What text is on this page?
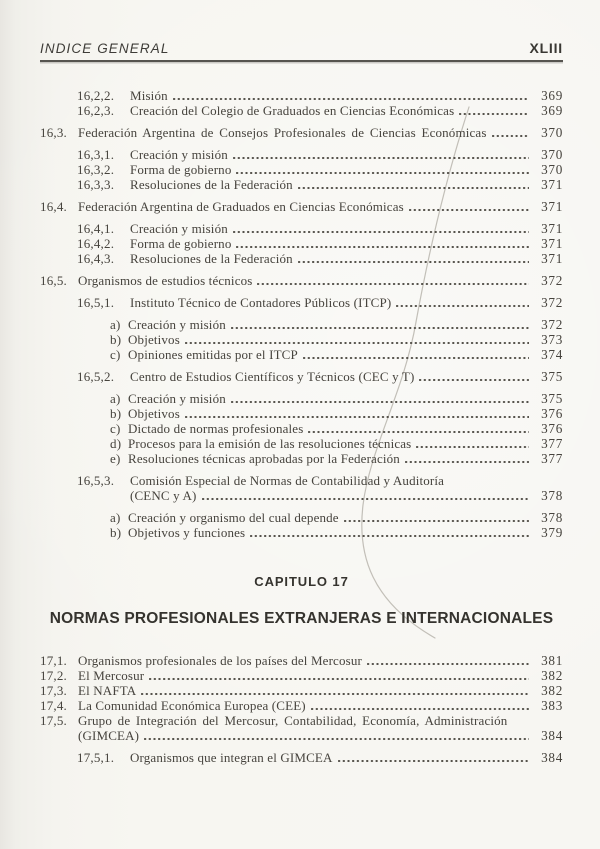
INDICE GENERAL	XLIII
16,2,2.	Misión	369
16,2,3.	Creación del Colegio de Graduados en Ciencias Económicas	369
16,3. Federación Argentina de Consejos Profesionales de Ciencias Económicas	370
16,3,1.	Creación y misión	370
16,3,2.	Forma de gobierno	370
16,3,3.	Resoluciones de la Federación	371
16,4. Federación Argentina de Graduados en Ciencias Económicas	371
16,4,1.	Creación y misión	371
16,4,2.	Forma de gobierno	371
16,4,3.	Resoluciones de la Federación	371
16,5. Organismos de estudios técnicos	372
16,5,1.	Instituto Técnico de Contadores Públicos (ITCP)	372
a) Creación y misión	372
b) Objetivos	373
c) Opiniones emitidas por el ITCP	374
16,5,2.	Centro de Estudios Científicos y Técnicos (CEC y T)	375
a) Creación y misión	375
b) Objetivos	376
c) Dictado de normas profesionales	376
d) Procesos para la emisión de las resoluciones técnicas	377
e) Resoluciones técnicas aprobadas por la Federación	377
16,5,3.	Comisión Especial de Normas de Contabilidad y Auditoría
(CENC y A)	378
a) Creación y organismo del cual depende	378
b) Objetivos y funciones	379
CAPITULO 17
NORMAS PROFESIONALES EXTRANJERAS E INTERNACIONALES
17,1. Organismos profesionales de los países del Mercosur	381
17,2. El Mercosur	382
17,3. El NAFTA	382
17,4. La Comunidad Económica Europea (CEE)	383
17,5. Grupo de Integración del Mercosur, Contabilidad, Economía, Administración
(GIMCEA)	384
17,5,1.	Organismos que integran el GIMCEA	384
